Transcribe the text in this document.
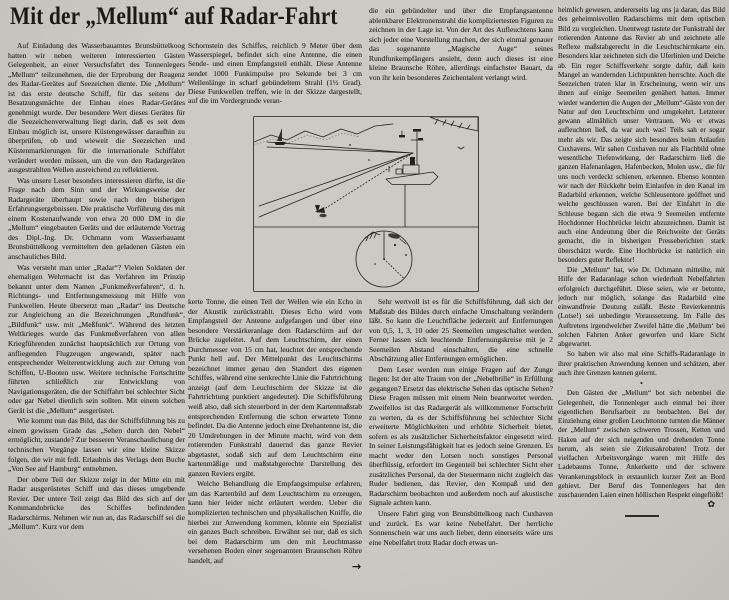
Mit der „Mellum“ auf Radar-Fahrt

Auf Einladung des Wasserbauamtes Brunsbüttelkoog hatten wir neben weiteren interessierten Gästen Gelegenheit, an einer Versuchsfahrt des Tonnenlegers „Mellum“ teilzunehmen, die der Erprobung der Reagenz des Radar-Gerätes auf Seezeichen diente. Die „Mellum“ ist das erste deutsche Schiff, für das seitens der Besatzungsmächte der Einbau eines Radar-Gerätes genehmigt wurde. Der besondere Wert dieses Gerätes für die Seezeichenverwaltung liegt darin, daß es seit dem Einbau möglich ist, unsere Küstengewässer daraufhin zu überprüfen, ob und wieweit die Seezeichen und Küstenmarkierungen für die internationale Schiffahrt verändert werden müssen, um die von den Radargeräten ausgestrahlten Wellen ausreichend zu reflektieren.

Was unsere Leser besonders interessieren dürfte, ist die Frage nach dem Sinn und der Wirkungsweise der Radargeräte überhaupt sowie nach den bisherigen Erfahrungsergebnissen. Die praktische Vorführung des mit einem Kostenaufwande von etwa 20 000 DM in die „Mellum“ eingebauten Geräts und der erläuternde Vortrag des Dipl.-Ing. Dr. Ochmann vom Wasserbauamt Brunsbüttelkoog vermittelten den geladenen Gästen ein anschauliches Bild.

Was versteht man unter „Radar“? Vielen Soldaten der ehemaligen Wehrmacht ist das Verfahren im Prinzip bekannt unter dem Namen „Funkmeßverfahren“, d. h. Richtungs- und Entfernungsmessung mit Hilfe von Funkwellen. Heute übersetzt man „Radar“ ins Deutsche zur Angleichung an die Bezeichnungen „Rundfunk“, „Bildfunk“ usw. mit „Meßfunk“. Während des letzten Weltkrieges wurde das Funkmeßverfahren von allen Kriegführenden zunächst hauptsächlich zur Ortung von anfliegenden Flugzeugen angewandt, später nach entsprechender Weiterentwicklung auch zur Ortung von Schiffen, U-Booten usw. Weitere technische Fortschritte führten schließlich zur Entwicklung von Navigationsgeräten, die der Schiffahrt bei schlechter Sicht oder gar Nebel dienlich sein sollten. Mit einem solchen Gerät ist die „Mellum“ ausgerüstet.

Wie kommt nun das Bild, das der Schiffsführung bis zu einem gewissen Grade das „Sehen durch den Nebel“ ermöglicht, zustande? Zur besseren Veranschaulichung der technischen Vorgänge lassen wir eine kleine Skizze folgen, die wir mit frdl. Erlaubnis des Verlags dem Buche „Von See auf Hamburg“ entnehmen.

Der obere Teil der Skizze zeigt in der Mitte ein mit Radar ausgerüstetes Schiff und das dieses umgebende Revier. Der untere Teil zeigt das Bild des sich auf der Kommandobrücke des Schiffes befindenden Radarschirms. Nehmen wir nun an, das Radarschiff sei die „Mellum“. Kurz vor dem

Schornstein des Schiffes, reichlich 9 Meter über dem Wasserspiegel, befindet sich eine Antenne, die einen Sende- und einen Empfangsteil enthält. Diese Antenne sendet 1000 Funkimpulse pro Sekunde bei 3 cm Wellenlänge in scharf gebündeltem Strahl (1½ Grad). Diese Funkwellen treffen, wie in der Skizze dargestellt, auf die im Vordergrunde veran-

kerte Tonne, die einen Teil der Wellen wie ein Echo in der Akustik zurückstrahlt. Dieses Echo wird vom Empfangsteil der Antenne aufgefangen und über eine besondere Verstärkeranlage dem Radarschirm auf der Brücke zugeleitet. Auf dem Leuchtschirm, der einen Durchmesser von 15 cm hat, leuchtet der entsprechende Punkt hell auf. Der Mittelpunkt des Leuchtschirms bezeichnet immer genau den Standort des eigenen Schiffes, während eine senkrechte Linie die Fahrtrichtung anzeigt (auf dem Leuchtschirm der Skizze ist die Fahrtrichtung punktiert angedeutet). Die Schiffsführung weiß also, daß sich steuerbord in der dem Kartenmaßstab entsprechenden Entfernung die schon erwartete Tonne befindet. Da die Antenne jedoch eine Drehantenne ist, die 20 Umdrehungen in der Minute macht, wird von dem rotierenden Funkstrahl dauernd das ganze Revier abgetastet, sodaß sich auf dem Leuchtschirm eine kartenmäßige und maßstabgerechte Darstellung des ganzen Reviers ergibt.

Welche Behandlung die Empfangsimpulse erfahren, um das Kartenbild auf dem Leuchtschirm zu erzeugen, kann hier leider nicht erläutert werden. Ueber die komplizierten technischen und physikalischen Kniffe, die hierbei zur Anwendung kommen, könnte ein Spezialist ein ganzes Buch schreiben. Erwähnt sei nur, daß es sich bei dem Radarschirm um den mit Leuchtmasse versehenen Boden einer sogenannten Braunschen Röhre handelt, auf	→

die ein gebündelter und über die Empfangsantenne ablenkbarer Elektronenstrahl die kompliziertesten Figuren zu zeichnen in der Lage ist. Von der Art des Aufleuchtens kann sich jeder eine Vorstellung machen, der sich einmal genauer das sogenannte „Magische Auge“ seines Rundfunkempfängers ansieht, denn auch dieses ist eine kleine Braunsche Röhre, allerdings einfachster Bauart, da von ihr kein besonderes Zeichentalent verlangt wird.

Sehr wertvoll ist es für die Schiffsführung, daß sich der Maßstab des Bildes durch einfache Umschaltung verändern läßt. So kann die Leuchtfläche jederzeit auf Entfernungen von 0,5, 1, 3, 10 oder 25 Seemeilen umgeschaltet werden. Ferner lassen sich leuchtende Entfernungskreise mit je 2 Seemeilen Abstand einschalten, die eine schnelle Abschätzung aller Entfernungen ermöglichen.

Dem Leser werden nun einige Fragen auf der Zunge liegen: Ist der alte Traum von der „Nebelbrille“ in Erfüllung gegangen? Ersetzt das elektrische Sehen das optische Sehen? Diese Fragen müssen mit einem Nein beantwortet werden. Zweifellos ist das Radargerät als willkommener Fortschritt zu werten, da es der Schiffsführung bei schlechter Sicht erweiterte Möglichkeiten und erhöhte Sicherheit bietet, sofern es als zusätzlicher Sicherheitsfaktor eingesetzt wird. In seiner Leistungsfähigkeit hat es jedoch seine Grenzen. Es macht weder den Lotsen noch sonstiges Personal überflüssig, erfordert im Gegenteil bei schlechter Sicht eher zusätzliches Personal, da der Steuermann nicht zugleich das Ruder bedienen, das Revier, den Kompaß und den Radarschirm beobachten und außerdem noch auf akustische Signale achten kann.

Unsere Fahrt ging von Brunsbüttelkoog nach Cuxhaven und zurück. Es war keine Nebelfahrt. Der herrliche Sonnenschein war uns auch lieber, denn einerseits wäre uns eine Nebelfahrt trotz Radar doch etwas un-

heimlich gewesen, andererseits lag uns ja daran, das Bild des geheimnisvollen Radarschirms mit dem optischen Bild zu vergleichen. Unentwegt tastete der Funkstrahl der rotierenden Antenne das Revier ab und zeichnete alle Reflexe maßstabgerecht in die Leuchtschirmkarte ein. Besonders klar zeichneten sich die Uferlinien und Deiche ab. Ein reger Schiffsverkehr sorgte dafür, daß kein Mangel an wandernden Lichtpunkten herrschte. Auch die Seezeichen traten klar in Erscheinung, wenn wir uns ihnen auf einige Seemeilen genähert hatten. Immer wieder wanderten die Augen der „Mellum“-Gäste von der Natur auf den Leuchtschirm und umgekehrt. Letzterer gewann allmählich unser Vertrauen. Wo er etwas aufleuchten ließ, da war auch was! Teils sah er sogar mehr als wir. Das zeigte sich besonders beim Anlaufen Cuxhavens. Wir sahen Cuxhaven nur als Flachbild ohne wesentliche Tiefenwirkung, der Radarschirm ließ die ganzen Hafenanlagen, Hafenbecken, Molen usw., die für uns noch verdeckt schienen, erkennen. Ebenso konnten wir nach der Rückkehr beim Einlaufen in den Kanal im Radarbild erkennen, welche Schleusentore geöffnet und welche geschlossen waren. Bei der Einfahrt in die Schleuse begann sich die etwa 9 Seemeilen entfernte Hochdonner Hochbrücke leicht abzuzeichnen. Damit ist auch eine Andeutung über die Reichweite der Geräts gemacht, die in bisherigen Presseberichten stark überschätzt wurde. Eine Hochbrücke ist natürlich ein besonders guter Reflektor!

Die „Mellum“ hat, wie Dr. Ochmann mitteilte, mit Hilfe der Radaranlage schon wiederholt Nebelfahrten erfolgreich durchgeführt. Diese seien, wie er betonte, jedoch nur möglich, solange das Radarbild eine einwandfreie Deutung zuläßt. Beste Revierkenntnis (Lotse!) sei unbedingte Voraussetzung. Im Falle des Auftretens irgendwelcher Zweifel hätte die ‚Mellum‘ bei solchen Fahrten Anker geworfen und klare Sicht abgewartet.

So haben wir also mal eine Schiffs-Radaranlage in ihrer praktischen Anwendung kennen und schätzen, aber auch ihre Grenzen kennen gelernt.

•

Den Gästen der „Mellum“ bot sich nebenbei die Gelegenheit, die Tonnenleger auch einmal bei ihrer eigentlichen Berufsarbeit zu beobachten. Bei der Einziehung einer großen Leuchttonne turnten die Männer der „Mellum“ zwischen schweren Trossen, Ketten und Haken auf der sich neigenden und drehenden Tonne herum, als seien sie Zirkusakrobaten! Trotz der vielfachen Arbeitsvorgänge waren mit Hilfe des Ladebaums Tonne, Ankerkette und der schwere Verankerungsblock in erstaunlich kurzer Zeit an Bord gehievt. Der Beruf des Tonnenlegers hat den zuschauenden Laien einen höllischen Respekt eingeflößt!

✿
